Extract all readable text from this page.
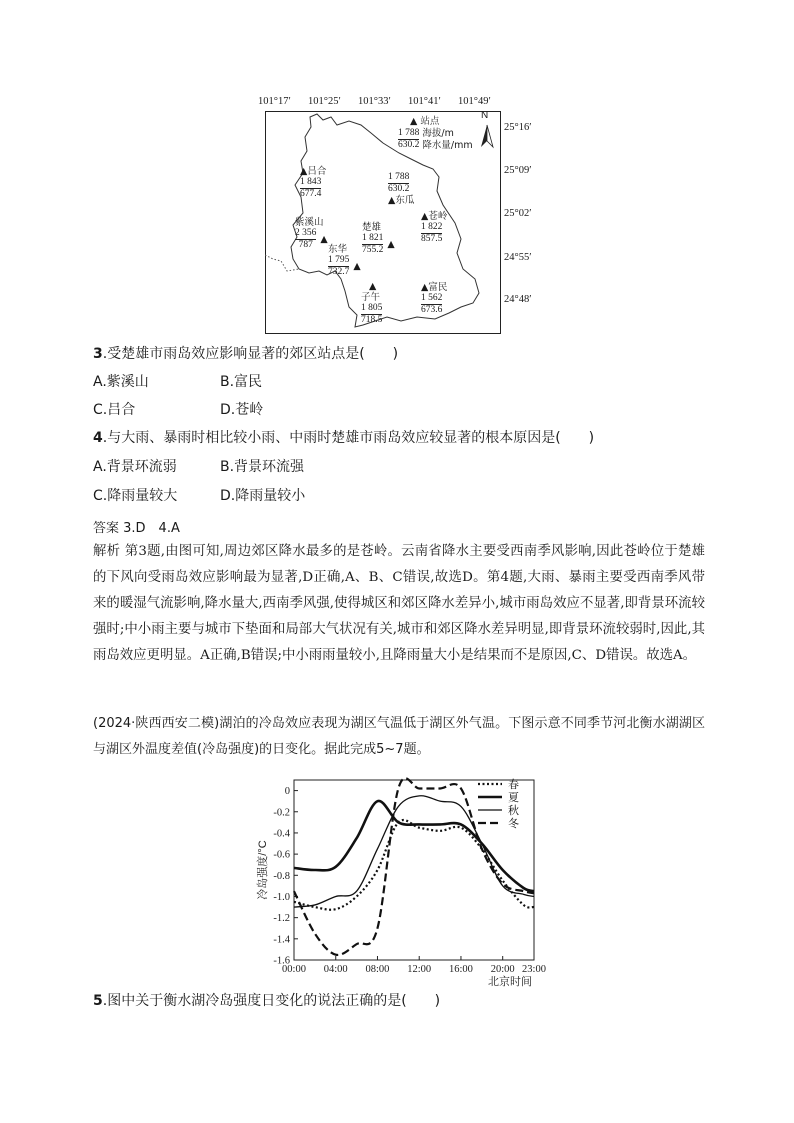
101°17′ 101°25′ 101°33′ 101°41′ 101°49′
25°16′
25°09′
25°02′
24°55′
24°48′
N
▲ 站点
1 788
630.2
海拔/m
降水量/mm
▲吕合
$\frac{1 843}{677.4}$	$\frac{1 788}{630.2}$
▲东瓜
紫溪山
2 356
787 ▲
楚雄
1 821
755.2 ▲
▲苍岭
$\frac{1 822}{857.5}$
东华
1 795
732.7 ▲
▲
子午
$\frac{1 805}{718.5}$
▲富民
$\frac{1 562}{673.6}$
3.受楚雄市雨岛效应影响显著的郊区站点是(　　)
A.紫溪山	B.富民
C.吕合	D.苍岭
4.与大雨、暴雨时相比较小雨、中雨时楚雄市雨岛效应较显著的根本原因是(　　)
A.背景环流弱	B.背景环流强
C.降雨量较大	D.降雨量较小
答案 3.D　4.A
解析 第3题,由图可知,周边郊区降水最多的是苍岭。云南省降水主要受西南季风影响,因此苍岭位于楚雄的下风向受雨岛效应影响最为显著,D正确,A、B、C错误,故选D。第4题,大雨、暴雨主要受西南季风带来的暖湿气流影响,降水量大,西南季风强,使得城区和郊区降水差异小,城市雨岛效应不显著,即背景环流较强时;中小雨主要与城市下垫面和局部大气状况有关,城市和郊区降水差异明显,即背景环流较弱时,因此,其雨岛效应更明显。A正确,B错误;中小雨雨量较小,且降雨量大小是结果而不是原因,C、D错误。故选A。
(2024·陕西西安二模)湖泊的冷岛效应表现为湖区气温低于湖区外气温。下图示意不同季节河北衡水湖湖区与湖区外温度差值(冷岛强度)的日变化。据此完成5~7题。
0
-0.2
-0.4
-0.6
-0.8
-1.0
-1.2
-1.4
-1.6
00:00 04:00 08:00 12:00 16:00 20:00 23:00
冷岛强度/°C
北京时间
春
夏
秋
冬
5.图中关于衡水湖冷岛强度日变化的说法正确的是(　　)
